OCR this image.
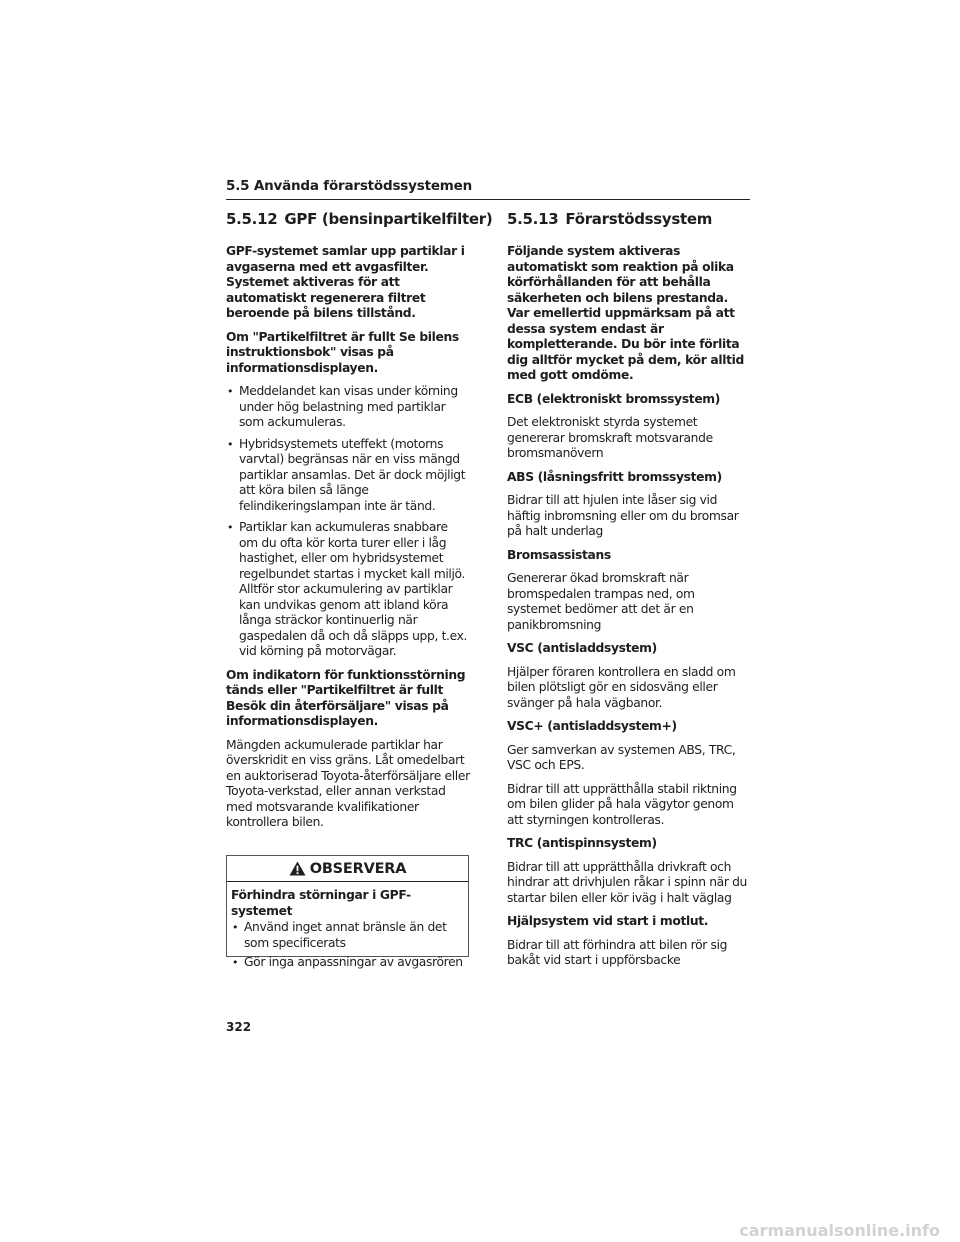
5.5 Använda förarstödssystemen
5.5.12 GPF (bensinpartikelfilter)

GPF-systemet samlar upp partiklar i avgaserna med ett avgasfilter. Systemet aktiveras för att automatiskt regenerera filtret beroende på bilens tillstånd.

Om "Partikelfiltret är fullt Se bilens instruktionsbok" visas på informationsdisplayen.

• Meddelandet kan visas under körning under hög belastning med partiklar som ackumuleras.
• Hybridsystemets uteffekt (motorns varvtal) begränsas när en viss mängd partiklar ansamlas. Det är dock möjligt att köra bilen så länge felindikeringslampan inte är tänd.
• Partiklar kan ackumuleras snabbare om du ofta kör korta turer eller i låg hastighet, eller om hybridsystemet regelbundet startas i mycket kall miljö. Alltför stor ackumulering av partiklar kan undvikas genom att ibland köra långa sträckor kontinuerlig när gaspedalen då och då släpps upp, t.ex. vid körning på motorvägar.

Om indikatorn för funktionsstörning tänds eller "Partikelfiltret är fullt Besök din återförsäljare" visas på informationsdisplayen.

Mängden ackumulerade partiklar har överskridit en viss gräns. Låt omedelbart en auktoriserad Toyota-återförsäljare eller Toyota-verkstad, eller annan verkstad med motsvarande kvalifikationer kontrollera bilen.

OBSERVERA

Förhindra störningar i GPF-systemet

• Använd inget annat bränsle än det som specificerats
• Gör inga anpassningar av avgasrören
5.5.13 Förarstödssystem

Följande system aktiveras automatiskt som reaktion på olika körförhållanden för att behålla säkerheten och bilens prestanda. Var emellertid uppmärksam på att dessa system endast är kompletterande. Du bör inte förlita dig alltför mycket på dem, kör alltid med gott omdöme.

ECB (elektroniskt bromssystem)

Det elektroniskt styrda systemet genererar bromskraft motsvarande bromsmanövern

ABS (låsningsfritt bromssystem)

Bidrar till att hjulen inte låser sig vid häftig inbromsning eller om du bromsar på halt underlag

Bromsassistans

Genererar ökad bromskraft när bromspedalen trampas ned, om systemet bedömer att det är en panikbromsning

VSC (antisladdsystem)

Hjälper föraren kontrollera en sladd om bilen plötsligt gör en sidosväng eller svänger på hala vägbanor.

VSC+ (antisladdsystem+)

Ger samverkan av systemen ABS, TRC, VSC och EPS.

Bidrar till att upprätthålla stabil riktning om bilen glider på hala vägytor genom att styrningen kontrolleras.

TRC (antispinnsystem)

Bidrar till att upprätthålla drivkraft och hindrar att drivhjulen råkar i spinn när du startar bilen eller kör iväg i halt väglag

Hjälpsystem vid start i motlut.

Bidrar till att förhindra att bilen rör sig bakåt vid start i uppförsbacke

322
carmanualsonline.info
